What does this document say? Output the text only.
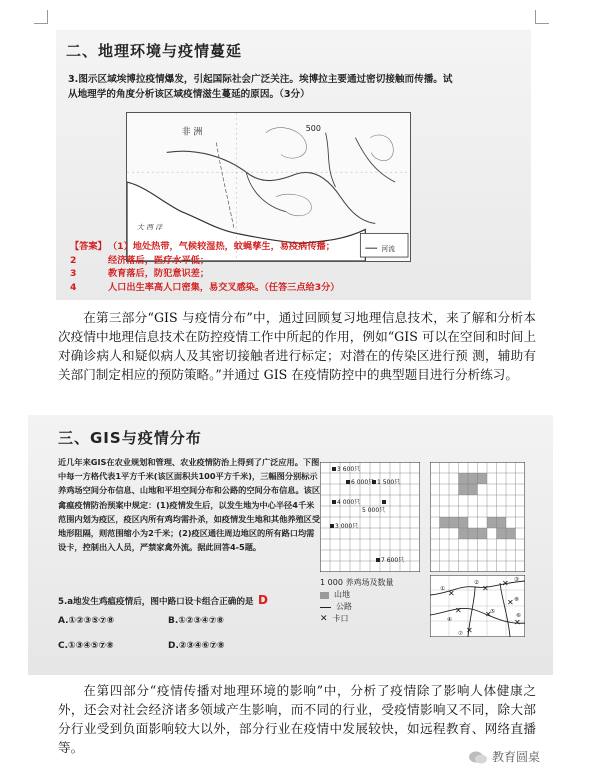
二、地理环境与疫情蔓延
3.图示区域埃博拉疫情爆发，引起国际社会广泛关注。埃博拉主要通过密切接触而传播。试
从地理学的角度分析该区域疫情滋生蔓延的原因。（3分）
500
非 洲
大 西 洋
河流
【答案】 （1）地处热带，气候较湿热，蚊蝇孳生，易疫病传播；
2	经济落后，医疗水平低；
3	教育落后，防犯意识差；
4	人口出生率高人口密集，易交叉感染。（任答三点给3分）

在第三部分“GIS 与疫情分布”中，通过回顾复习地理信息技术，来了解和分析本次疫情中地理信息技术在防控疫情工作中所起的作用，例如“GIS 可以在空间和时间上对确诊病人和疑似病人及其密切接触者进行标定；对潜在的传染区进行预 测，辅助有关部门制定相应的预防策略。”并通过 GIS 在疫情防控中的典型题目进行分析练习。

三、GIS与疫情分布
近几年来GIS在农业规划和管理、农业疫情防治上得到了广泛应用。下图中每一方格代表1平方千米(该区面积共100平方千米)，三幅图分别标示养鸡场空间分布信息、山地和平坦空间分布和公路的空间分布信息。该区禽瘟疫情防治预案中规定：(1)疫情发生后，以发生地为中心半径4千米范围内划为疫区，疫区内所有鸡均需扑杀，如疫情发生地和其他养殖区受地形阻隔，则范围缩小为2千米；(2)疫区通往周边地区的所有路口均需设卡，控制出入人员，严禁家禽外流。据此回答4-5题。
3 600只
6 000只 1 500只
4 000只
5 000只
3 000只
7 600只
1 000 养鸡场及数量
山地
公路
✕ 卡口
✕
✕
✕
✕	✕
✕
✕
✕
①
②	③
④
⑤
⑥
⑦
⑧
5.a地发生鸡瘟疫情后，图中路口设卡组合正确的是 D
A.①②③⑤⑦⑧	B.①②③④⑦⑧
C.①③④⑤⑦⑧	D.②③④⑥⑦⑧

在第四部分“疫情传播对地理环境的影响”中，分析了疫情除了影响人体健康之外，还会对社会经济诸多领域产生影响，而不同的行业，受疫情影响又不同，除大部分行业受到负面影响较大以外，部分行业在疫情中发展较快，如远程教育、网络直播等。

教育圆桌
